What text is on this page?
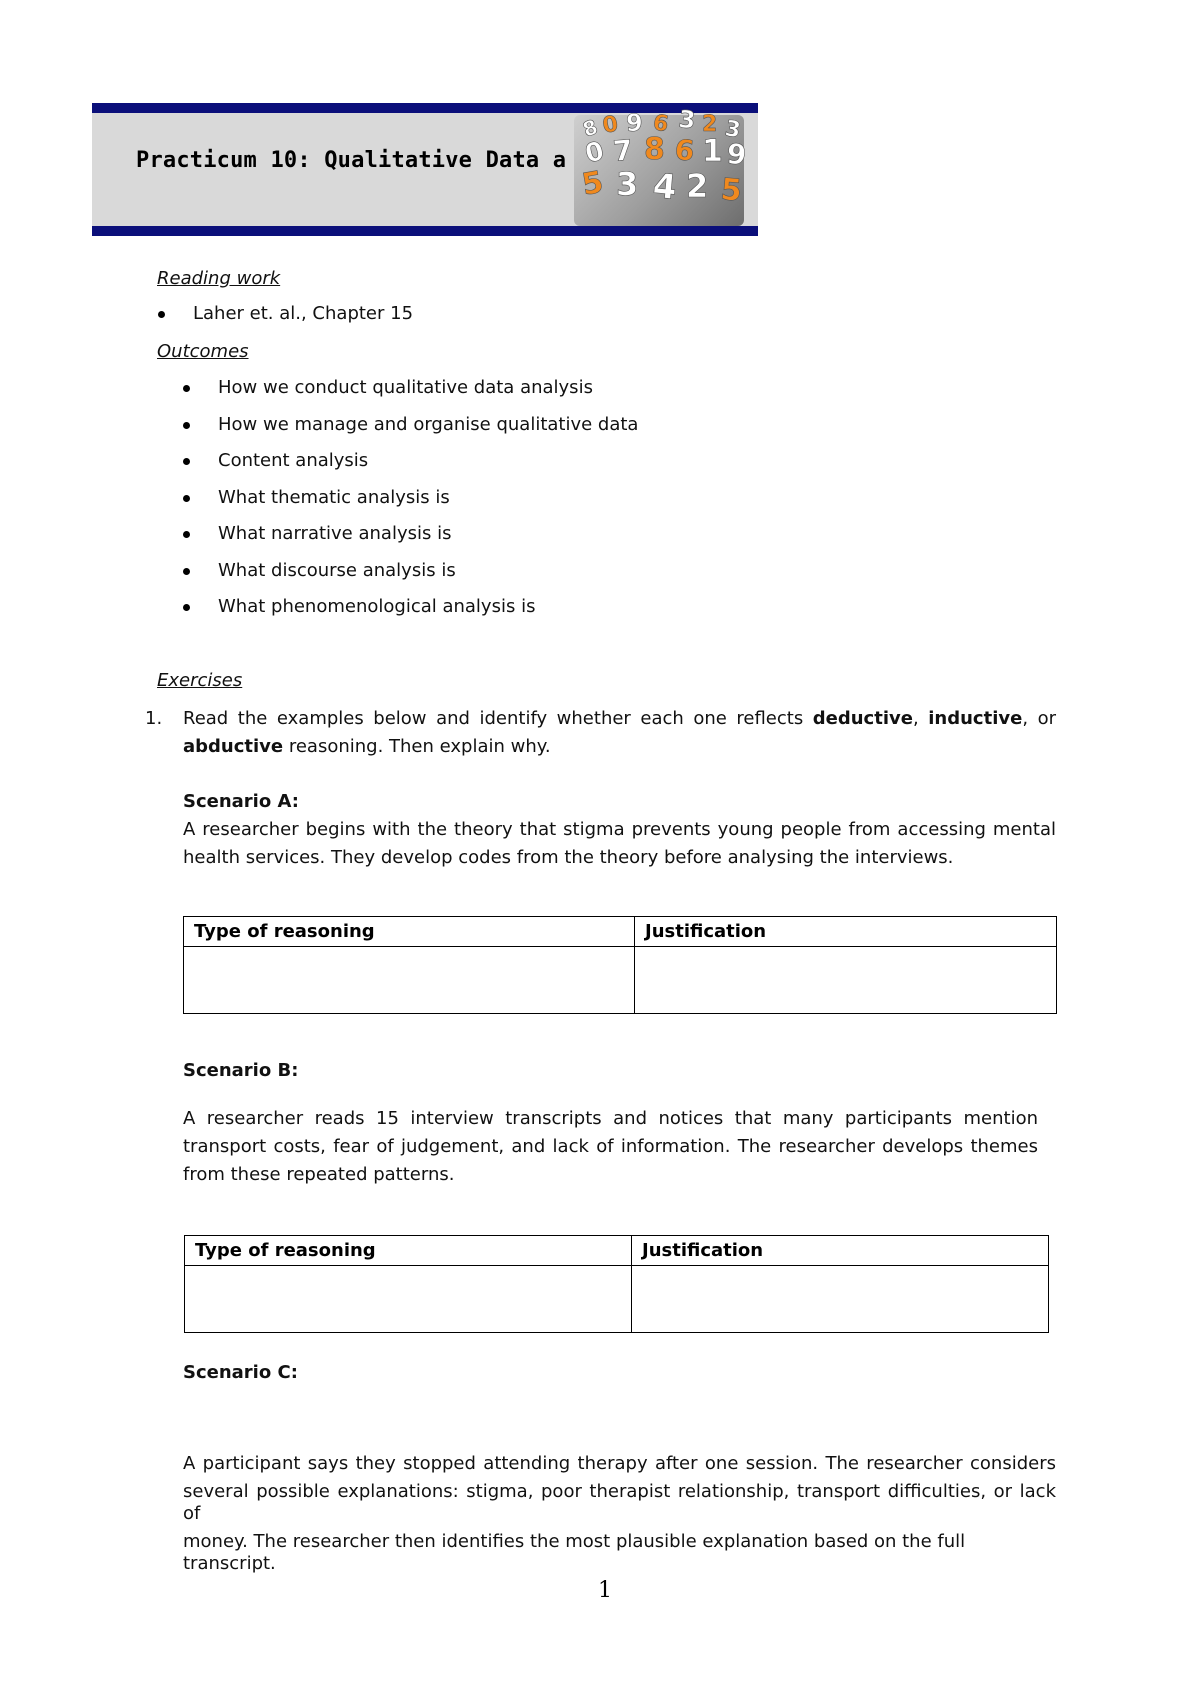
Practicum 10: Qualitative Data a
8 0 9 6 3 2 3
0 7 8 6 1 9
5 3 4 2 5
Reading work
Laher et. al., Chapter 15
Outcomes
How we conduct qualitative data analysis
How we manage and organise qualitative data
Content analysis
What thematic analysis is
What narrative analysis is
What discourse analysis is
What phenomenological analysis is
Exercises
1. Read the examples below and identify whether each one reflects deductive, inductive, or
abductive reasoning. Then explain why.
Scenario A:
A researcher begins with the theory that stigma prevents young people from accessing mental
health services. They develop codes from the theory before analysing the interviews.
Type of reasoning	Justification

Scenario B:
A researcher reads 15 interview transcripts and notices that many participants mention
transport costs, fear of judgement, and lack of information. The researcher develops themes
from these repeated patterns.
Type of reasoning	Justification

Scenario C:
A participant says they stopped attending therapy after one session. The researcher considers
several possible explanations: stigma, poor therapist relationship, transport difficulties, or lack of
money. The researcher then identifies the most plausible explanation based on the full transcript.
1
